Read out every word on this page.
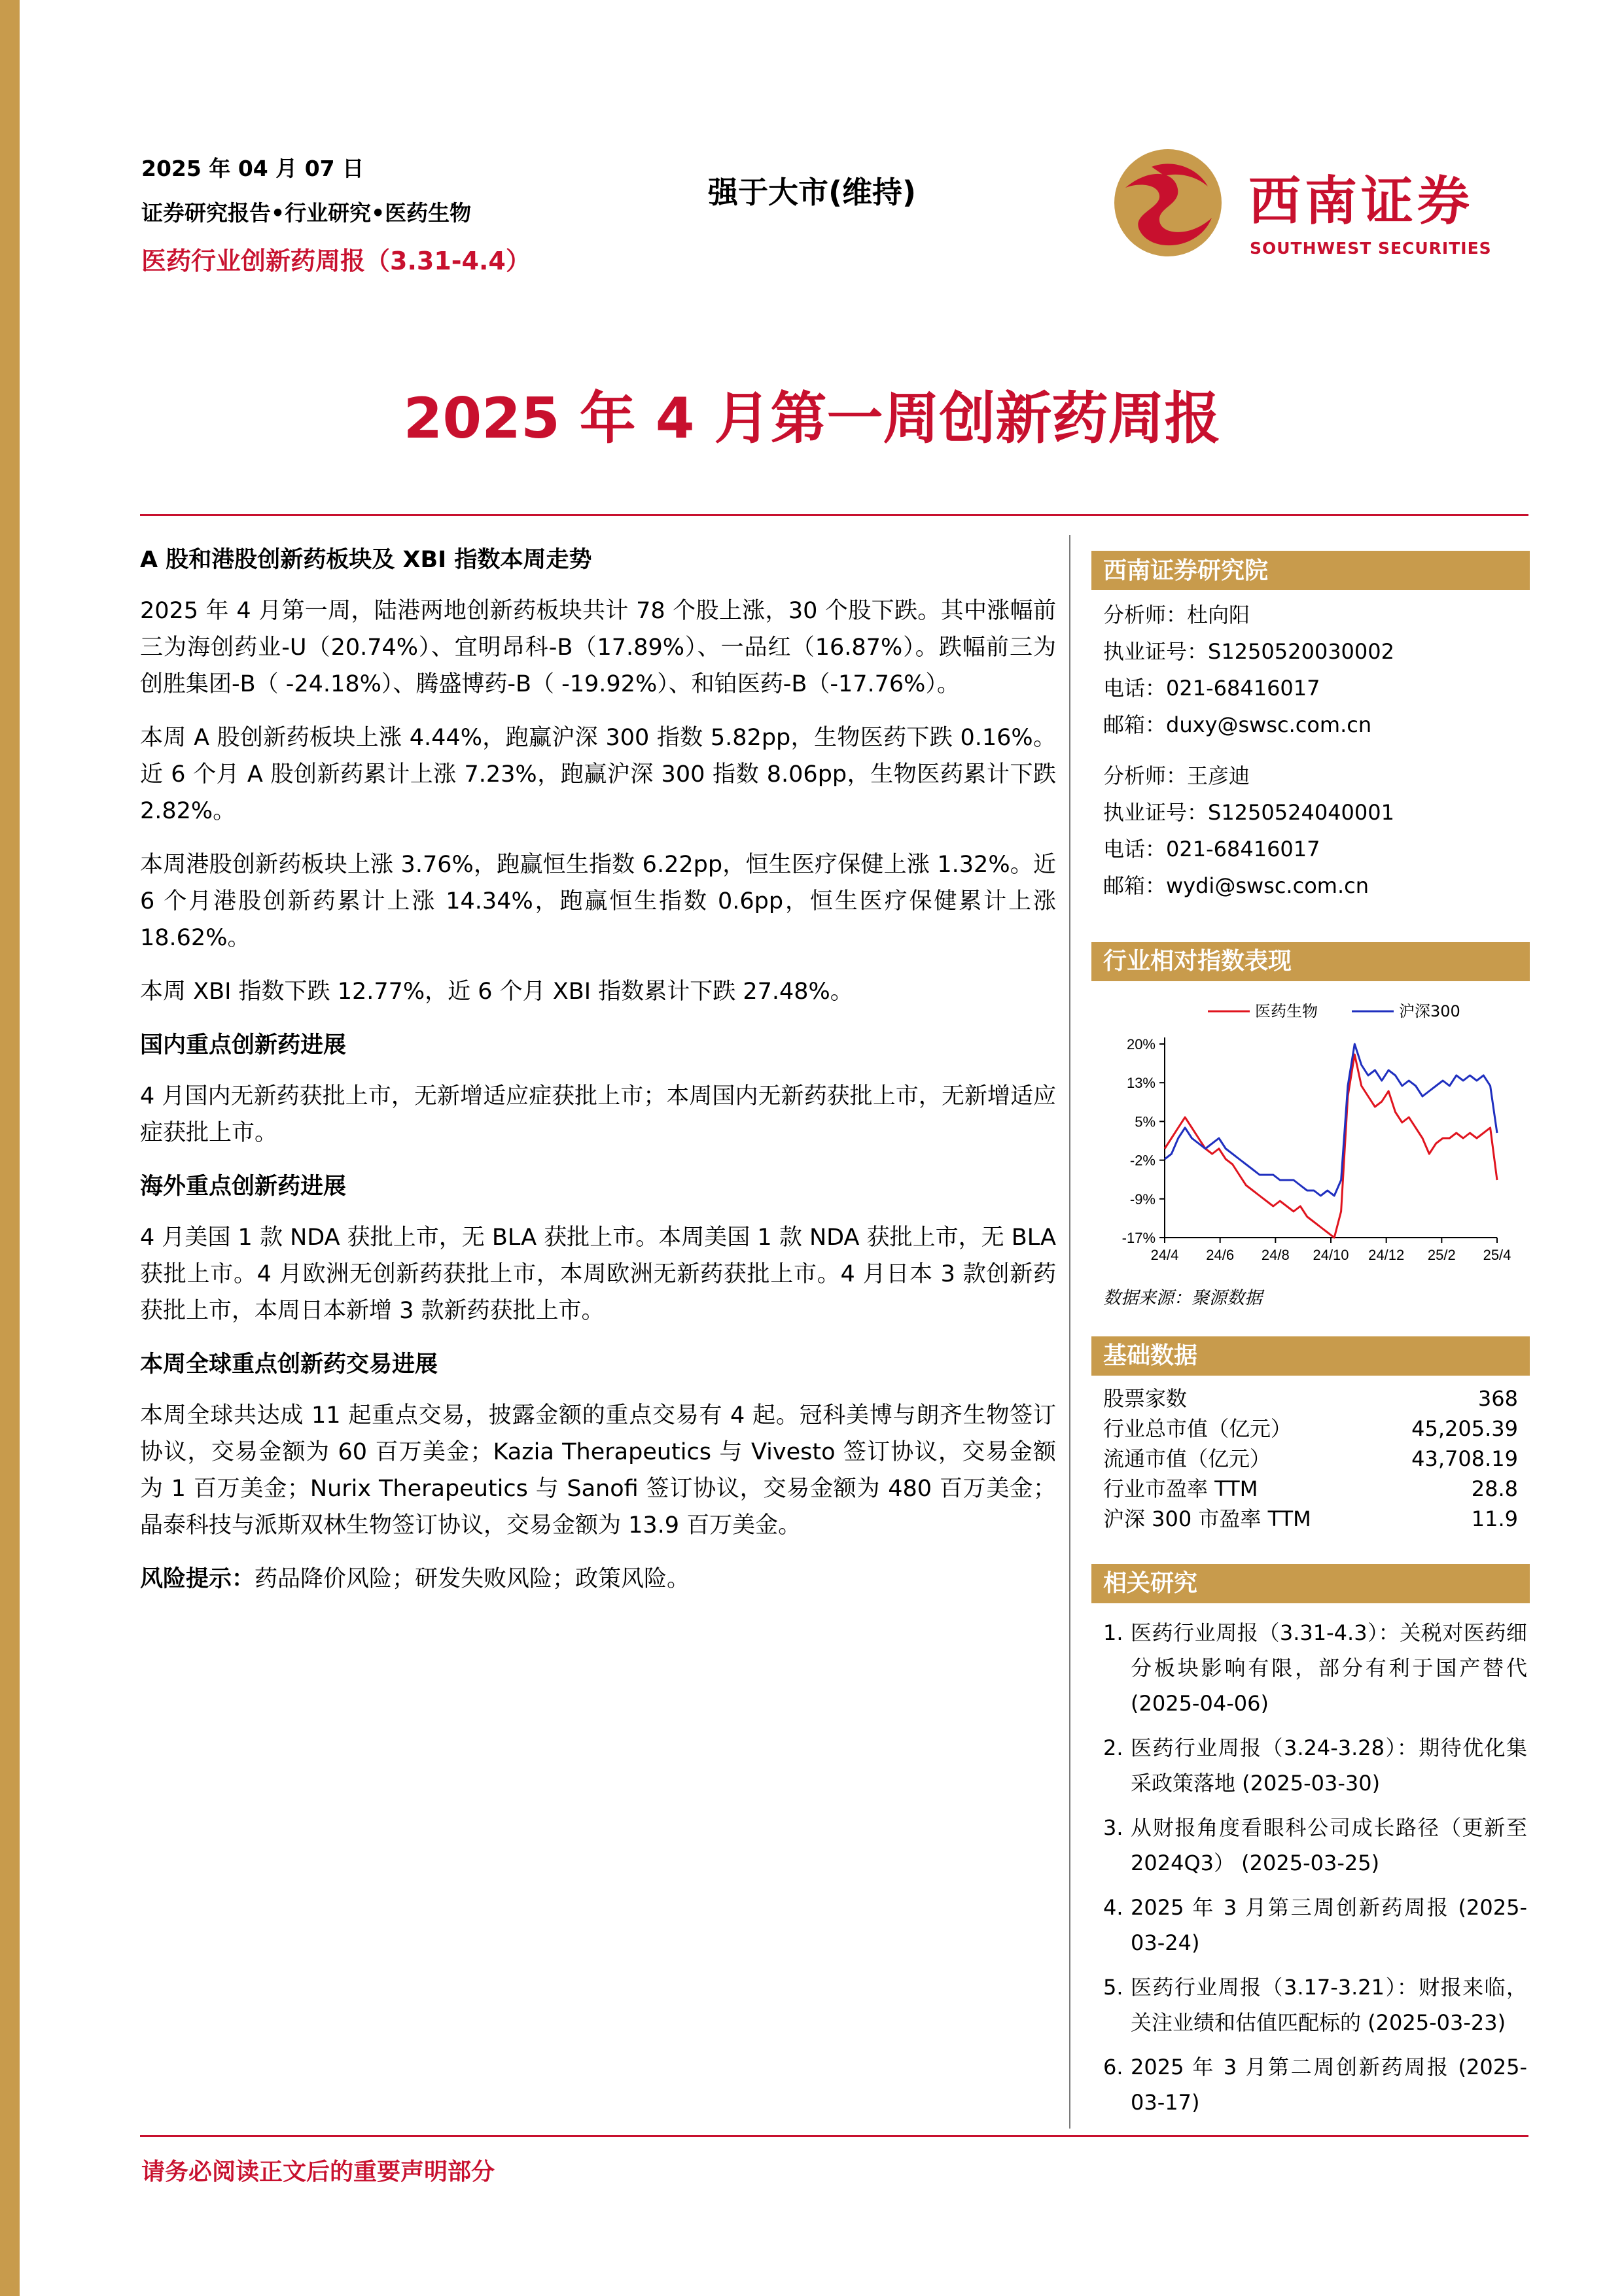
2025 年 04 月 07 日
证券研究报告•行业研究•医药生物
医药行业创新药周报（3.31-4.4）
强于大市(维持)	西南证券
SOUTHWEST SECURITIES
2025 年 4 月第一周创新药周报
A 股和港股创新药板块及 XBI 指数本周走势
2025 年 4 月第一周，陆港两地创新药板块共计 78 个股上涨，30 个股下跌。其中涨幅前三为海创药业-U（20.74%）、宜明昂科-B（17.89%）、一品红（16.87%）。跌幅前三为创胜集团-B（ -24.18%）、腾盛博药-B（ -19.92%）、和铂医药-B（-17.76%）。
本周 A 股创新药板块上涨 4.44%，跑赢沪深 300 指数 5.82pp，生物医药下跌 0.16%。近 6 个月 A 股创新药累计上涨 7.23%，跑赢沪深 300 指数 8.06pp，生物医药累计下跌 2.82%。
本周港股创新药板块上涨 3.76%，跑赢恒生指数 6.22pp，恒生医疗保健上涨 1.32%。近 6 个月港股创新药累计上涨 14.34%，跑赢恒生指数 0.6pp，恒生医疗保健累计上涨 18.62%。
本周 XBI 指数下跌 12.77%，近 6 个月 XBI 指数累计下跌 27.48%。
国内重点创新药进展
4 月国内无新药获批上市，无新增适应症获批上市；本周国内无新药获批上市，无新增适应症获批上市。
海外重点创新药进展
4 月美国 1 款 NDA 获批上市，无 BLA 获批上市。本周美国 1 款 NDA 获批上市，无 BLA 获批上市。4 月欧洲无创新药获批上市，本周欧洲无新药获批上市。4 月日本 3 款创新药获批上市，本周日本新增 3 款新药获批上市。
本周全球重点创新药交易进展
本周全球共达成 11 起重点交易，披露金额的重点交易有 4 起。冠科美博与朗齐生物签订协议，交易金额为 60 百万美金；Kazia Therapeutics 与 Vivesto 签订协议，交易金额为 1 百万美金；Nurix Therapeutics 与 Sanofi 签订协议，交易金额为 480 百万美金；晶泰科技与派斯双林生物签订协议，交易金额为 13.9 百万美金。
风险提示：药品降价风险；研发失败风险；政策风险。
西南证券研究院
分析师：杜向阳
执业证号：S1250520030002
电话：021-68416017
邮箱：duxy@swsc.com.cn
分析师：王彦迪
执业证号：S1250524040001
电话：021-68416017
邮箱：wydi@swsc.com.cn
行业相对指数表现
20%
13%
5%
-2%
-9%
-17%
24/4 24/6 24/8 24/10 24/12 25/2 25/4
医药生物	沪深300
数据来源：聚源数据
基础数据
股票家数	368
行业总市值（亿元）	45,205.39
流通市值（亿元）	43,708.19
行业市盈率 TTM	28.8
沪深 300 市盈率 TTM	11.9
相关研究
1. 医药行业周报（3.31-4.3）：关税对医药细分板块影响有限，部分有利于国产替代 (2025-04-06)
2. 医药行业周报（3.24-3.28）：期待优化集采政策落地 (2025-03-30)
3. 从财报角度看眼科公司成长路径（更新至 2024Q3） (2025-03-25)
4. 2025 年 3 月第三周创新药周报 (2025-03-24)
5. 医药行业周报（3.17-3.21）：财报来临，关注业绩和估值匹配标的 (2025-03-23)
6. 2025 年 3 月第二周创新药周报 (2025-03-17)
请务必阅读正文后的重要声明部分
